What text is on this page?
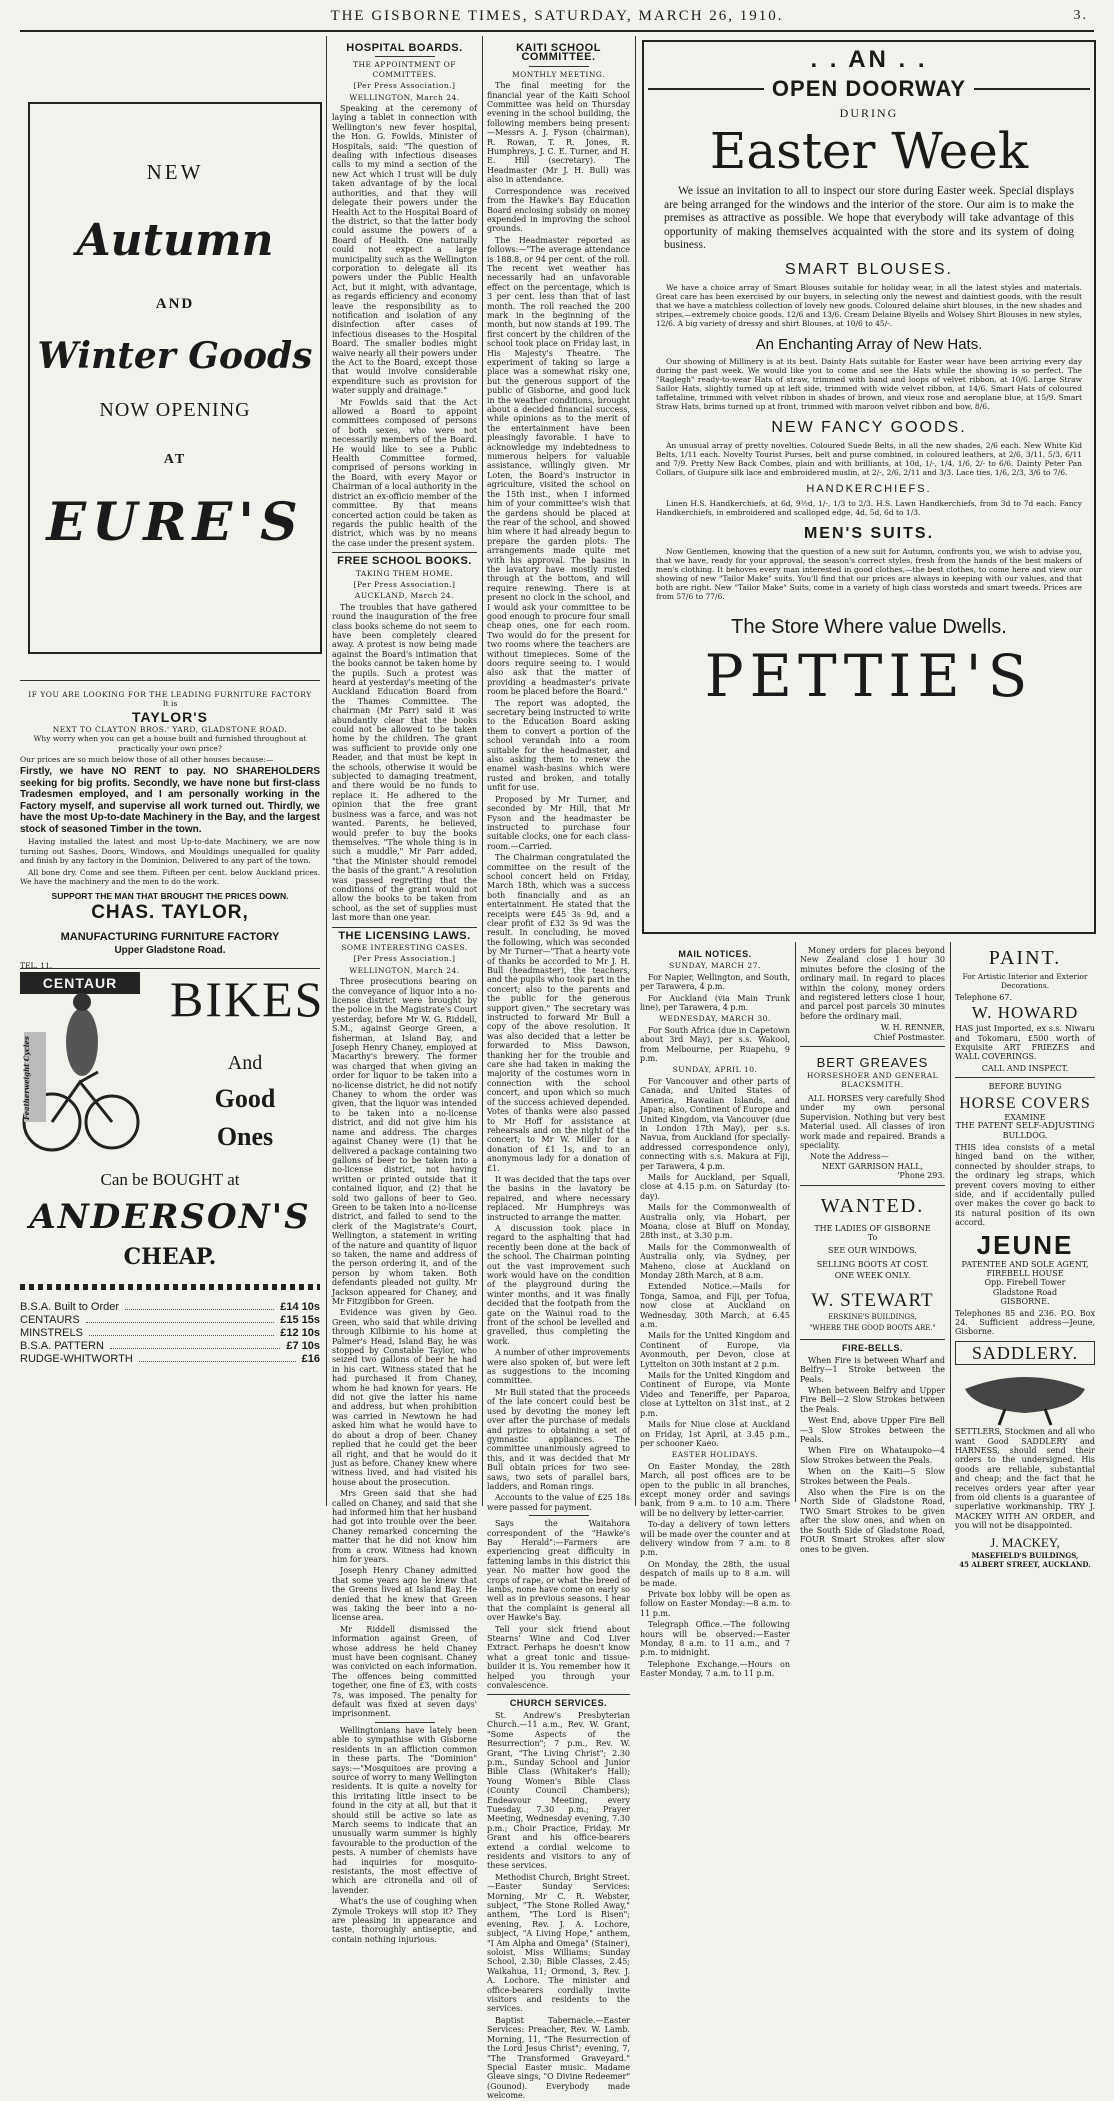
THE GISBORNE TIMES, SATURDAY, MARCH 26, 1910.	3.
NEW
Autumn
AND
Winter Goods
NOW OPENING
AT
EURE'S

IF YOU ARE LOOKING FOR THE LEADING FURNITURE FACTORY

It is

TAYLOR'S

NEXT TO CLAYTON BROS.' YARD, GLADSTONE ROAD.

Why worry when you can get a house built and furnished throughout at practically your own price?

Our prices are so much below those of all other houses because:—

Firstly, we have NO RENT to pay. NO SHAREHOLDERS seeking for big profits. Secondly, we have none but first-class Tradesmen employed, and I am personally working in the Factory myself, and supervise all work turned out. Thirdly, we have the most Up-to-date Machinery in the Bay, and the largest stock of seasoned Timber in the town.

Having installed the latest and most Up-to-date Machinery, we are now turning out Sashes, Doors, Windows, and Mouldings unequalled for quality and finish by any factory in the Dominion. Delivered to any part of the town.

All bone dry. Come and see them. Fifteen per cent. below Auckland prices. We have the machinery and the men to do the work.

SUPPORT THE MAN THAT BROUGHT THE PRICES DOWN.

CHAS. TAYLOR,

MANUFACTURING FURNITURE FACTORY

Upper Gladstone Road.

TEL. 11.

CENTAUR
Featherweight Cycles
BIKES
And
Good
Ones
Can be BOUGHT at
ANDERSON'S
CHEAP.
B.S.A. Built to Order	£14 10s
CENTAURS	£15 15s
MINSTRELS	£12 10s
B.S.A. PATTERN	£7 10s
RUDGE-WHITWORTH	£16
HOSPITAL BOARDS.
THE APPOINTMENT OF COMMITTEES.
[Per Press Association.]
WELLINGTON, March 24.

Speaking at the ceremony of laying a tablet in connection with Wellington's new fever hospital, the Hon. G. Fowlds, Minister of Hospitals, said: "The question of dealing with infectious diseases calls to my mind a section of the new Act which I trust will be duly taken advantage of by the local authorities, and that they will delegate their powers under the Health Act to the Hospital Board of the district, so that the latter body could assume the powers of a Board of Health. One naturally could not expect a large municipality such as the Wellington corporation to delegate all its powers under the Public Health Act, but it might, with advantage, as regards efficiency and economy leave the responsibility as to notification and isolation of any disinfection after cases of infectious diseases to the Hospital Board. The smaller bodies might waive nearly all their powers under the Act to the Board, except those that would involve considerable expenditure such as provision for water supply and drainage."

Mr Fowlds said that the Act allowed a Board to appoint committees composed of persons of both sexes, who were not necessarily members of the Board. He would like to see a Public Health Committee formed, comprised of persons working in the Board, with every Mayor or Chairman of a local authority in the district an ex-officio member of the committee. By that means concerted action could be taken as regards the public health of the district, which was by no means the case under the present system.

FREE SCHOOL BOOKS.
TAKING THEM HOME.
[Per Press Association.]
AUCKLAND, March 24.

The troubles that have gathered round the inauguration of the free class books scheme do not seem to have been completely cleared away. A protest is now being made against the Board's intimation that the books cannot be taken home by the pupils. Such a protest was heard at yesterday's meeting of the Auckland Education Board from the Thames Committee. The chairman (Mr Parr) said it was abundantly clear that the books could not be allowed to be taken home by the children. The grant was sufficient to provide only one Reader, and that must be kept in the schools, otherwise it would be subjected to damaging treatment, and there would be no funds to replace it. He adhered to the opinion that the free grant business was a farce, and was not wanted. Parents, he believed, would prefer to buy the books themselves. "The whole thing is in such a muddle," Mr Parr added, "that the Minister should remodel the basis of the grant." A resolution was passed regretting that the conditions of the grant would not allow the books to be taken from school, as the set of supplies must last more than one year.

THE LICENSING LAWS.
SOME INTERESTING CASES.
[Per Press Association.]
WELLINGTON, March 24.

Three prosecutions bearing on the conveyance of liquor into a no-license district were brought by the police in the Magistrate's Court yesterday, before Mr W. G. Riddell, S.M., against George Green, a fisherman, at Island Bay, and Joseph Henry Chaney, employed at Macarthy's brewery. The former was charged that when giving an order for liquor to be taken into a no-license district, he did not notify Chaney to whom the order was given, that the liquor was intended to be taken into a no-license district, and did not give him his name and address. The charges against Chaney were (1) that he delivered a package containing two gallons of beer to be taken into a no-license district, not having written or printed outside that it contained liquor, and (2) that he sold two gallons of beer to Geo. Green to be taken into a no-license district, and failed to send to the clerk of the Magistrate's Court, Wellington, a statement in writing of the nature and quantity of liquor so taken, the name and address of the person ordering it, and of the person by whom taken. Both defendants pleaded not guilty. Mr Jackson appeared for Chaney, and Mr Fitzgibbon for Green.

Evidence was given by Geo. Green, who said that while driving through Kilbirnie to his home at Palmer's Head, Island Bay, he was stopped by Constable Taylor, who seized two gallons of beer he had in his cart. Witness stated that he had purchased it from Chaney, whom he had known for years. He did not give the latter his name and address, but when prohibition was carried in Newtown he had asked him what he would have to do about a drop of beer. Chaney replied that he could get the beer all right, and that he would do it just as before. Chaney knew where witness lived, and had visited his house about the prosecution.

Mrs Green said that she had called on Chaney, and said that she had informed him that her husband had got into trouble over the beer. Chaney remarked concerning the matter that he did not know him from a crow. Witness had known him for years.

Joseph Henry Chaney admitted that some years ago he knew that the Greens lived at Island Bay. He denied that he knew that Green was taking the beer into a no-license area.

Mr Riddell dismissed the information against Green, of whose address he held Chaney must have been cognisant. Chaney was convicted on each information. The offences being committed together, one fine of £3, with costs 7s, was imposed. The penalty for default was fixed at seven days' imprisonment.

Wellingtonians have lately been able to sympathise with Gisborne residents in an affliction common in these parts. The "Dominion" says:—"Mosquitoes are proving a source of worry to many Wellington residents. It is quite a novelty for this irritating little insect to be found in the city at all, but that it should still be active so late as March seems to indicate that an unusually warm summer is highly favourable to the production of the pests. A number of chemists have had inquiries for mosquito-resistants, the most effective of which are citronella and oil of lavender.

What's the use of coughing when Zymole Trokeys will stop it? They are pleasing in appearance and taste, thoroughly antiseptic, and contain nothing injurious.

KAITI SCHOOL COMMITTEE.
MONTHLY MEETING.

The final meeting for the financial year of the Kaiti School Committee was held on Thursday evening in the school building, the following members being present:—Messrs A. J. Fyson (chairman), R. Rowan, T. R. Jones, R. Humphreys, J. C. E. Turner, and H. E. Hill (secretary). The Headmaster (Mr J. H. Bull) was also in attendance.

Correspondence was received from the Hawke's Bay Education Board enclosing subsidy on money expended in improving the school grounds.

The Headmaster reported as follows:—"The average attendance is 188.8, or 94 per cent. of the roll. The recent wet weather has necessarily had an unfavorable effect on the percentage, which is 3 per cent. less than that of last month. The roll reached the 200 mark in the beginning of the month, but now stands at 199. The first concert by the children of the school took place on Friday last, in His Majesty's Theatre. The experiment of taking so large a place was a somewhat risky one, but the generous support of the public of Gisborne, and good luck in the weather conditions, brought about a decided financial success, while opinions as to the merit of the entertainment have been pleasingly favorable. I have to acknowledge my indebtedness to numerous helpers for valuable assistance, willingly given. Mr Loten, the Board's instructor in agriculture, visited the school on the 15th inst., when I informed him of your committee's wish that the gardens should be placed at the rear of the school, and showed him where it had already begun to prepare the garden plots. The arrangements made quite met with his approval. The basins in the lavatory have mostly rusted through at the bottom, and will require renewing. There is at present no clock in the school, and I would ask your committee to be good enough to procure four small cheap ones, one for each room. Two would do for the present for two rooms where the teachers are without timepieces. Some of the doors require seeing to. I would also ask that the matter of providing a headmaster's private room be placed before the Board."

The report was adopted, the secretary being instructed to write to the Education Board asking them to convert a portion of the school verandah into a room suitable for the headmaster, and also asking them to renew the enamel wash-basins which were rusted and broken, and totally unfit for use.

Proposed by Mr Turner, and seconded by Mr Hill, that Mr Fyson and the headmaster be instructed to purchase four suitable clocks, one for each class-room.—Carried.

The Chairman congratulated the committee on the result of the school concert held on Friday, March 18th, which was a success both financially and as an entertainment. He stated that the receipts were £45 3s 9d, and a clear profit of £32 3s 9d was the result. In concluding, he moved the following, which was seconded by Mr Turner—"That a hearty vote of thanks be accorded to Mr J. H. Bull (headmaster), the teachers, and the pupils who took part in the concert; also to the parents and the public for the generous support given." The secretary was instructed to forward Mr Bull a copy of the above resolution. It was also decided that a letter be forwarded to Miss Dawson, thanking her for the trouble and care she had taken in making the majority of the costumes worn in connection with the school concert, and upon which so much of the success achieved depended. Votes of thanks were also passed to Mr Hoff for assistance at rehearsals and on the night of the concert; to Mr W. Miller for a donation of £1 1s, and to an anonymous lady for a donation of £1.

It was decided that the taps over the basins in the lavatory be repaired, and where necessary replaced. Mr Humphreys was instructed to arrange the matter.

A discussion took place in regard to the asphalting that had recently been done at the back of the school. The Chairman pointing out the vast improvement such work would have on the condition of the playground during the winter months, and it was finally decided that the footpath from the gate on the Wainui road to the front of the school be levelled and gravelled, thus completing the work.

A number of other improvements were also spoken of, but were left as suggestions to the incoming committee.

Mr Bull stated that the proceeds of the late concert could best be used by devoting the money left over after the purchase of medals and prizes to obtaining a set of gymnastic appliances. The committee unanimously agreed to this, and it was decided that Mr Bull obtain prices for two see-saws, two sets of parallel bars, ladders, and Roman rings.

Accounts to the value of £25 18s were passed for payment.

Says the Waitahora correspondent of the "Hawke's Bay Herald":—Farmers are experiencing great difficulty in fattening lambs in this district this year. No matter how good the crops of rape, or what the breed of lambs, none have come on early so well as in previous seasons. I hear that the complaint is general all over Hawke's Bay.

Tell your sick friend about Stearns' Wine and Cod Liver Extract. Perhaps he doesn't know what a great tonic and tissue-builder it is. You remember how it helped you through your convalescence.

CHURCH SERVICES.

St. Andrew's Presbyterian Church.—11 a.m., Rev. W. Grant, "Some Aspects of the Resurrection"; 7 p.m., Rev. W. Grant, "The Living Christ"; 2.30 p.m., Sunday School and Junior Bible Class (Whitaker's Hall); Young Women's Bible Class (County Council Chambers); Endeavour Meeting, every Tuesday, 7.30 p.m.; Prayer Meeting, Wednesday evening, 7.30 p.m.; Choir Practice, Friday. Mr Grant and his office-bearers extend a cordial welcome to residents and visitors to any of these services.

Methodist Church, Bright Street.—Easter Sunday Services: Morning, Mr C. R. Webster, subject, "The Stone Rolled Away," anthem, "The Lord is Risen"; evening, Rev. J. A. Lochore, subject, "A Living Hope," anthem, "I Am Alpha and Omega" (Stainer), soloist, Miss Williams; Sunday School, 2.30; Bible Classes, 2.45; Waikahua, 11; Ormond, 3, Rev. J. A. Lochore. The minister and office-bearers cordially invite visitors and residents to the services.

Baptist Tabernacle.—Easter Services: Preacher, Rev. W. Lamb. Morning, 11, "The Resurrection of the Lord Jesus Christ"; evening, 7, "The Transformed Graveyard." Special Easter music. Madame Gleave sings, "O Divine Redeemer" (Gounod). Everybody made welcome.

. . AN . .
OPEN DOORWAY
DURING
Easter Week

We issue an invitation to all to inspect our store during Easter week. Special displays are being arranged for the windows and the interior of the store. Our aim is to make the premises as attractive as possible. We hope that everybody will take advantage of this opportunity of making themselves acquainted with the store and its system of doing business.

SMART BLOUSES.

We have a choice array of Smart Blouses suitable for holiday wear, in all the latest styles and materials. Great care has been exercised by our buyers, in selecting only the newest and daintiest goods, with the result that we have a matchless collection of lovely new goods. Coloured delaine shirt blouses, in the new shades and stripes,—extremely choice goods, 12/6 and 13/6. Cream Delaine Blyells and Wolsey Shirt Blouses in new styles, 12/6. A big variety of dressy and shirt Blouses, at 10/6 to 45/-.

An Enchanting Array of New Hats.

Our showing of Millinery is at its best. Dainty Hats suitable for Easter wear have been arriving every day during the past week. We would like you to come and see the Hats while the showing is so perfect. The "Raglegh" ready-to-wear Hats of straw, trimmed with band and loops of velvet ribbon, at 10/6. Large Straw Sailor Hats, slightly turned up at left side, trimmed with wide velvet ribbon, at 14/6. Smart Hats of coloured taffetaline, trimmed with velvet ribbon in shades of brown, and vieux rose and aeroplane blue, at 15/9. Smart Straw Hats, brims turned up at front, trimmed with maroon velvet ribbon and bow, 8/6.

NEW FANCY GOODS.

An unusual array of pretty novelties. Coloured Suede Belts, in all the new shades, 2/6 each. New White Kid Belts, 1/11 each. Novelty Tourist Purses, belt and purse combined, in coloured leathers, at 2/6, 3/11, 5/3, 6/11 and 7/9. Pretty New Back Combes, plain and with brilliants, at 10d, 1/-, 1/4, 1/6, 2/- to 6/6. Dainty Peter Pan Collars, of Guipure silk lace and embroidered muslin, at 2/-, 2/6, 2/11 and 3/3. Lace ties, 1/6, 2/3, 3/6 to 7/6.

HANDKERCHIEFS.

Linen H.S. Handkerchiefs, at 6d, 9½d, 1/-, 1/3 to 2/3. H.S. Lawn Handkerchiefs, from 3d to 7d each. Fancy Handkerchiefs, in embroidered and scalloped edge, 4d, 5d, 6d to 1/3.

MEN'S SUITS.

Now Gentlemen, knowing that the question of a new suit for Autumn, confronts you, we wish to advise you, that we have, ready for your approval, the season's correct styles, fresh from the hands of the best makers of men's clothing. It behoves every man interested in good clothes,—the best clothes, to come here and view our showing of new "Tailor Make" suits. You'll find that our prices are always in keeping with our values, and that both are right. New "Tailor Make" Suits, come in a variety of high class worsteds and smart tweeds. Prices are from 57/6 to 77/6.

The Store Where value Dwells.
PETTIE'S
MAIL NOTICES.
SUNDAY, MARCH 27.

For Napier, Wellington, and South, per Tarawera, 4 p.m.

For Auckland (via Main Trunk line), per Tarawera, 4 p.m.

WEDNESDAY, MARCH 30.

For South Africa (due in Capetown about 3rd May), per s.s. Wakool, from Melbourne, per Ruapehu, 9 p.m.

SUNDAY, APRIL 10.

For Vancouver and other parts of Canada, and United States of America, Hawaiian Islands, and Japan; also, Continent of Europe and United Kingdom, via Vancouver (due in London 17th May), per s.s. Navua, from Auckland (for specially-addressed correspondence only), connecting with s.s. Makura at Fiji, per Tarawera, 4 p.m.

Mails for Auckland, per Squall, close at 4.15 p.m. on Saturday (to-day).

Mails for the Commonwealth of Australia only, via Hobart, per Moana, close at Bluff on Monday, 28th inst., at 3.30 p.m.

Mails for the Commonwealth of Australia only, via Sydney, per Maheno, close at Auckland on Monday 28th March, at 8 a.m.

Extended Notice.—Mails for Tonga, Samoa, and Fiji, per Tofua, now close at Auckland on Wednesday, 30th March, at 6.45 a.m.

Mails for the United Kingdom and Continent of Europe, via Avonmouth, per Devon, close at Lyttelton on 30th instant at 2 p.m.

Mails for the United Kingdom and Continent of Europe, via Monte Video and Teneriffe, per Paparoa, close at Lyttelton on 31st inst., at 2 p.m.

Mails for Niue close at Auckland on Friday, 1st April, at 3.45 p.m., per schooner Kaeo.

EASTER HOLIDAYS.

On Easter Monday, the 28th March, all post offices are to be open to the public in all branches, except money order and savings bank, from 9 a.m. to 10 a.m. There will be no delivery by letter-carrier.

To-day a delivery of town letters will be made over the counter and at delivery window from 7 a.m. to 8 p.m.

On Monday, the 28th, the usual despatch of mails up to 8 a.m. will be made.

Private box lobby will be open as follow on Easter Monday:—8 a.m. to 11 p.m.

Telegraph Office.—The following hours will be observed:—Easter Monday, 8 a.m. to 11 a.m., and 7 p.m. to midnight.

Telephone Exchange.—Hours on Easter Monday, 7 a.m. to 11 p.m.

Money orders for places beyond New Zealand close 1 hour 30 minutes before the closing of the ordinary mail. In regard to places within the colony, money orders and registered letters close 1 hour, and parcel post parcels 30 minutes before the ordinary mail.

W. H. RENNER,

Chief Postmaster.

BERT GREAVES
HORSESHOER AND GENERAL BLACKSMITH.

ALL HORSES very carefully Shod under my own personal Supervision. Nothing but very best Material used. All classes of iron work made and repaired. Brands a speciality.

Note the Address—

NEXT GARRISON HALL,

'Phone 293.

WANTED.

THE LADIES OF GISBORNE

To

SEE OUR WINDOWS.

SELLING BOOTS AT COST.

ONE WEEK ONLY.

W. STEWART

ERSKINE'S BUILDINGS,

"WHERE THE GOOD BOOTS ARE."

FIRE-BELLS.

When Fire is between Wharf and Belfry—1 Stroke between the Peals.

When between Belfry and Upper Fire Bell—2 Slow Strokes between the Peals.

West End, above Upper Fire Bell—3 Slow Strokes between the Peals.

When Fire on Whataupoko—4 Slow Strokes between the Peals.

When on the Kaiti—5 Slow Strokes between the Peals.

Also when the Fire is on the North Side of Gladstone Road, TWO Smart Strokes to be given after the slow ones, and when on the South Side of Gladstone Road, FOUR Smart Strokes after slow ones to be given.

PAINT.

For Artistic Interior and Exterior Decorations.

Telephone 67.

W. HOWARD

HAS just Imported, ex s.s. Niwaru and Tokomaru, £500 worth of Exquisite ART FRIEZES and WALL COVERINGS.

CALL AND INSPECT.

BEFORE BUYING

HORSE COVERS

EXAMINE

THE PATENT SELF-ADJUSTING

BULLDOG.

THIS idea consists of a metal hinged band on the wither, connected by shoulder straps, to the ordinary leg straps, which prevent covers moving to either side, and if accidentally pulled over makes the cover go back to its natural position of its own accord.

JEUNE

PATENTEE AND SOLE AGENT,

FIREBELL HOUSE

Opp. Firebell Tower

Gladstone Road

GISBORNE.

Telephones 85 and 236. P.O. Box 24. Sufficient address—Jeune, Gisborne.

SADDLERY.

SETTLERS, Stockmen and all who want Good SADDLERY and HARNESS, should send their orders to the undersigned. His goods are reliable, substantial and cheap; and the fact that he receives orders year after year from old clients is a guarantee of superlative workmanship. TRY J. MACKEY WITH AN ORDER, and you will not be disappointed.

J. MACKEY,

MASEFIELD'S BUILDINGS,

45 ALBERT STREET, AUCKLAND.
